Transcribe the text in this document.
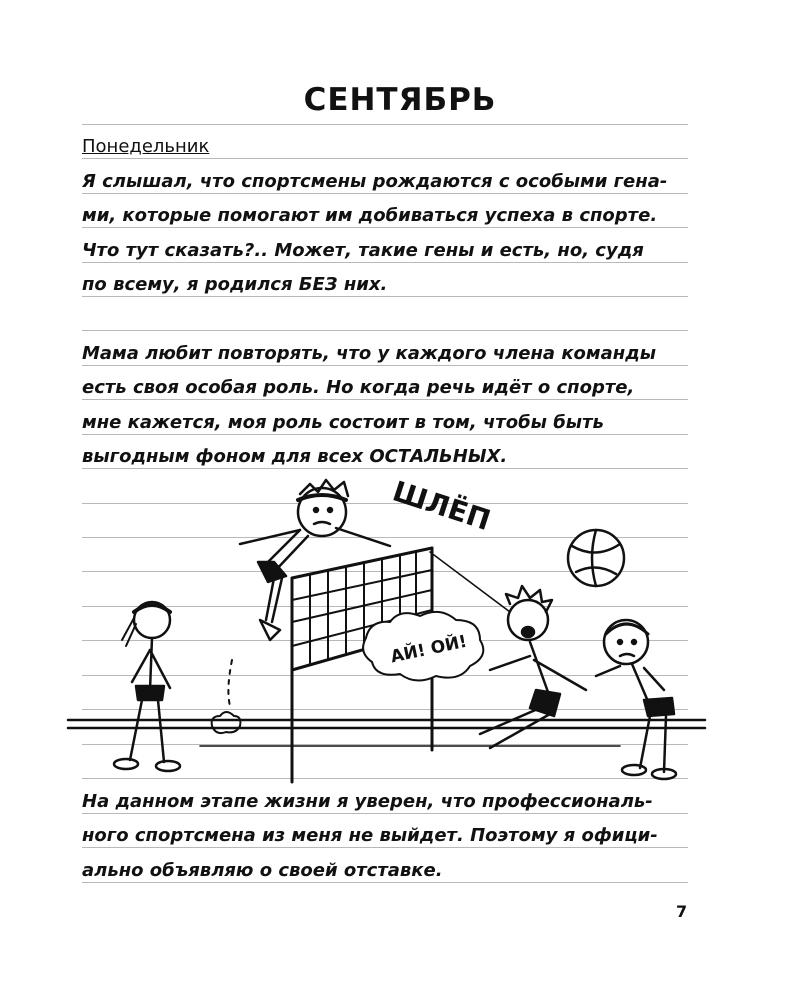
СЕНТЯБРЬ
Понедельник
Я слышал, что спортсмены рождаются с особыми гена-
ми, которые помогают им добиваться успеха в спорте.
Что тут сказать?.. Может, такие гены и есть, но, судя
по всему, я родился БЕЗ них.
Мама любит повторять, что у каждого члена команды
есть своя особая роль. Но когда речь идёт о спорте,
мне кажется, моя роль состоит в том, чтобы быть
выгодным фоном для всех ОСТАЛЬНЫХ.
ШЛЁП
АЙ! ОЙ!
На данном этапе жизни я уверен, что профессиональ-
ного спортсмена из меня не выйдет. Поэтому я офици-
ально объявляю о своей отставке.
7
